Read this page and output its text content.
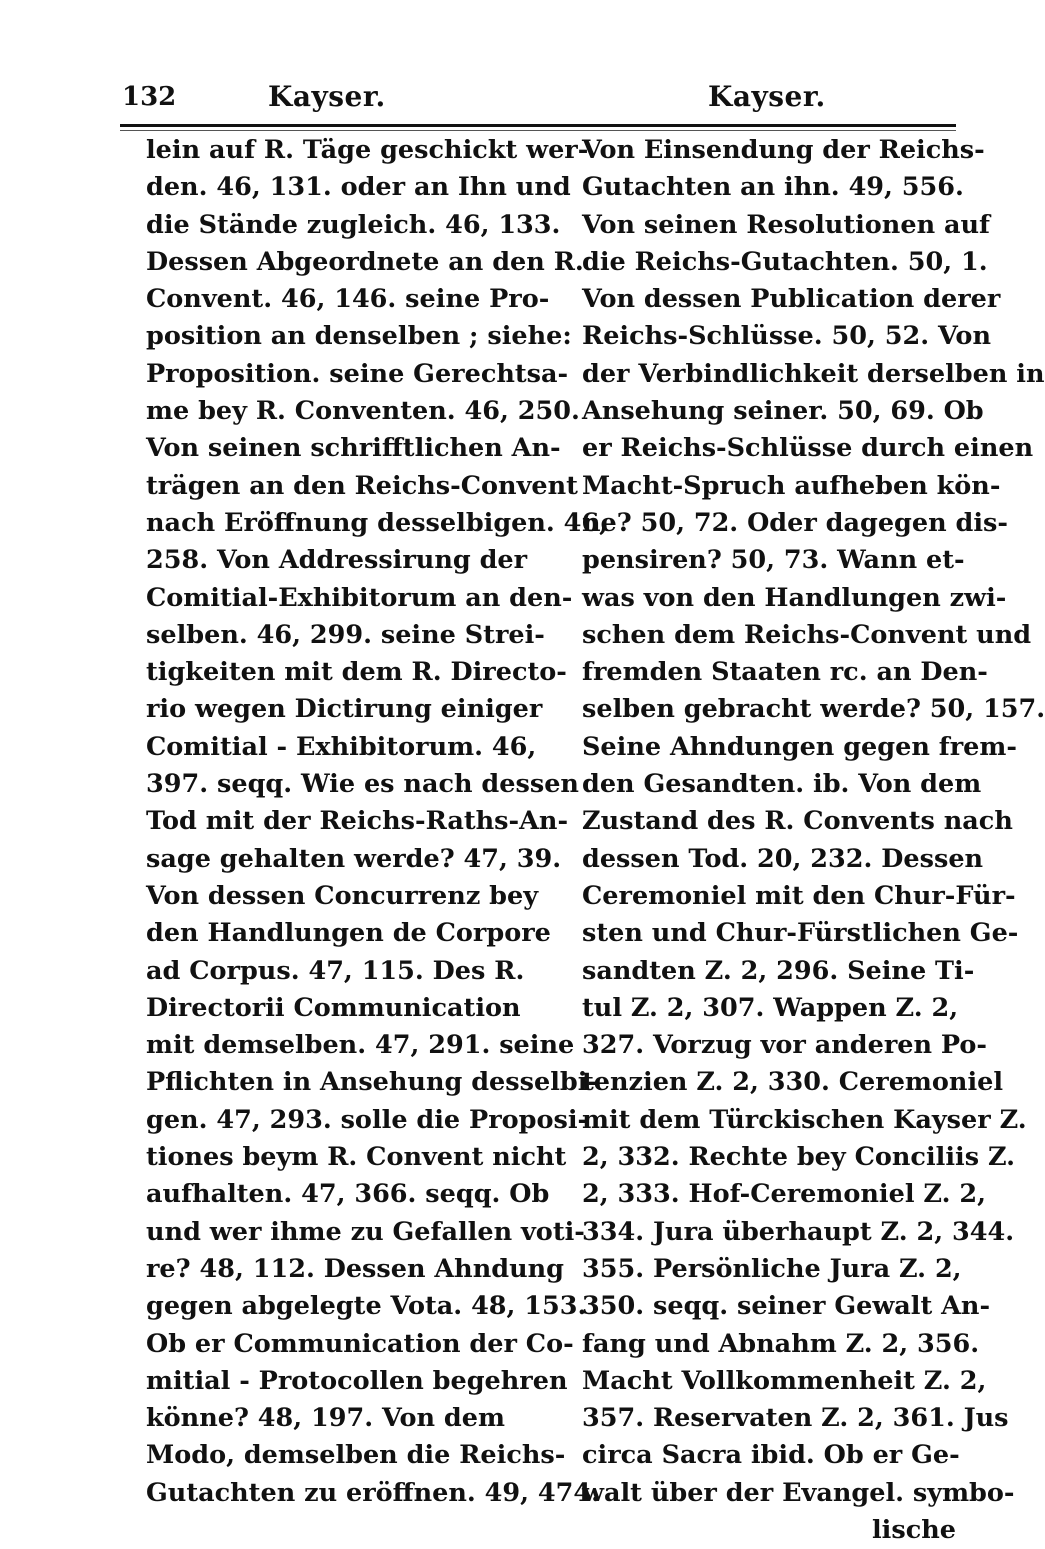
132	Kayser.	Kayser.
lein auf R. Täge geschickt wer-
den. 46, 131. oder an Ihn und
die Stände zugleich. 46, 133.
Dessen Abgeordnete an den R.
Convent. 46, 146. seine Pro-
position an denselben ; siehe:
Proposition. seine Gerechtsa-
me bey R. Conventen. 46, 250.
Von seinen schrifftlichen An-
trägen an den Reichs-Convent
nach Eröffnung desselbigen. 46,
258. Von Addressirung der
Comitial-Exhibitorum an den-
selben. 46, 299. seine Strei-
tigkeiten mit dem R. Directo-
rio wegen Dictirung einiger
Comitial - Exhibitorum. 46,
397. seqq. Wie es nach dessen
Tod mit der Reichs-Raths-An-
sage gehalten werde? 47, 39.
Von dessen Concurrenz bey
den Handlungen de Corpore
ad Corpus. 47, 115. Des R.
Directorii Communication
mit demselben. 47, 291. seine
Pflichten in Ansehung desselbi-
gen. 47, 293. solle die Proposi-
tiones beym R. Convent nicht
aufhalten. 47, 366. seqq. Ob
und wer ihme zu Gefallen voti-
re? 48, 112. Dessen Ahndung
gegen abgelegte Vota. 48, 153.
Ob er Communication der Co-
mitial - Protocollen begehren
könne? 48, 197. Von dem
Modo, demselben die Reichs-
Gutachten zu eröffnen. 49, 474.
Von Einsendung der Reichs-
Gutachten an ihn. 49, 556.
Von seinen Resolutionen auf
die Reichs-Gutachten. 50, 1.
Von dessen Publication derer
Reichs-Schlüsse. 50, 52. Von
der Verbindlichkeit derselben in
Ansehung seiner. 50, 69. Ob
er Reichs-Schlüsse durch einen
Macht-Spruch aufheben kön-
ne? 50, 72. Oder dagegen dis-
pensiren? 50, 73. Wann et-
was von den Handlungen zwi-
schen dem Reichs-Convent und
fremden Staaten rc. an Den-
selben gebracht werde? 50, 157.
Seine Ahndungen gegen frem-
den Gesandten. ib. Von dem
Zustand des R. Convents nach
dessen Tod. 20, 232. Dessen
Ceremoniel mit den Chur-Für-
sten und Chur-Fürstlichen Ge-
sandten Z. 2, 296. Seine Ti-
tul Z. 2, 307. Wappen Z. 2,
327. Vorzug vor anderen Po-
tenzien Z. 2, 330. Ceremoniel
mit dem Türckischen Kayser Z.
2, 332. Rechte bey Conciliis Z.
2, 333. Hof-Ceremoniel Z. 2,
334. Jura überhaupt Z. 2, 344.
355. Persönliche Jura Z. 2,
350. seqq. seiner Gewalt An-
fang und Abnahm Z. 2, 356.
Macht Vollkommenheit Z. 2,
357. Reservaten Z. 2, 361. Jus
circa Sacra ibid. Ob er Ge-
walt über der Evangel. symbo-
lische
